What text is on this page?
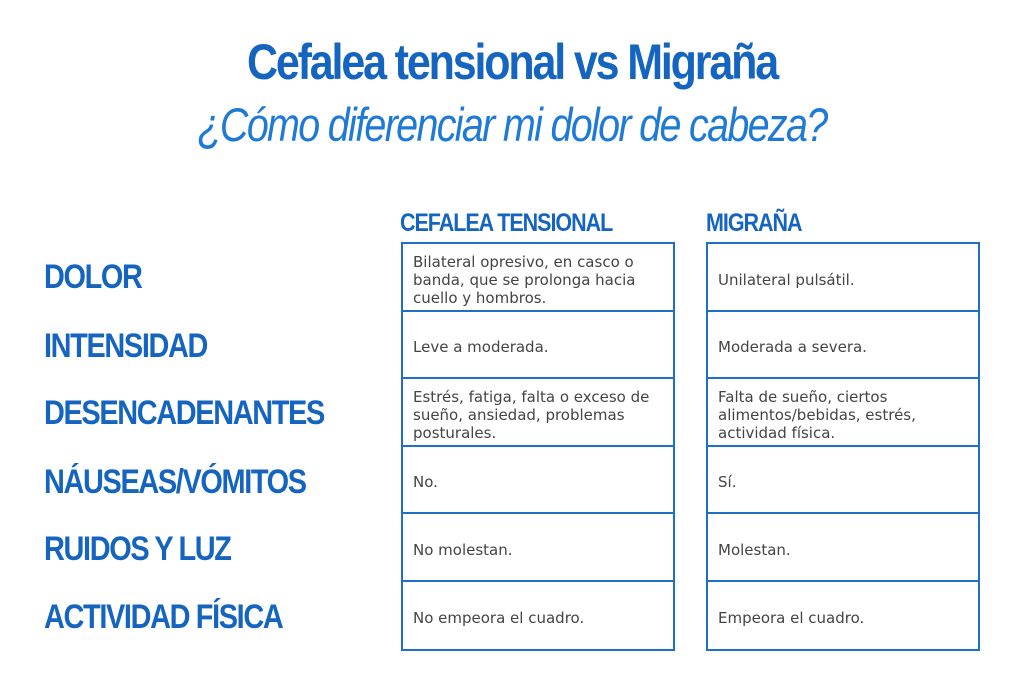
Cefalea tensional vs Migraña
¿Cómo diferenciar mi dolor de cabeza?
CEFALEA TENSIONAL	MIGRAÑA
DOLOR
INTENSIDAD
DESENCADENANTES
NÁUSEAS/VÓMITOS
RUIDOS Y LUZ
ACTIVIDAD FÍSICA
Bilateral opresivo, en casco o banda, que se prolonga hacia cuello y hombros.
Leve a moderada.
Estrés, fatiga, falta o exceso de sueño, ansiedad, problemas posturales.
No.
No molestan.
No empeora el cuadro.
Unilateral pulsátil.
Moderada a severa.
Falta de sueño, ciertos alimentos/bebidas, estrés, actividad física.
Sí.
Molestan.
Empeora el cuadro.
